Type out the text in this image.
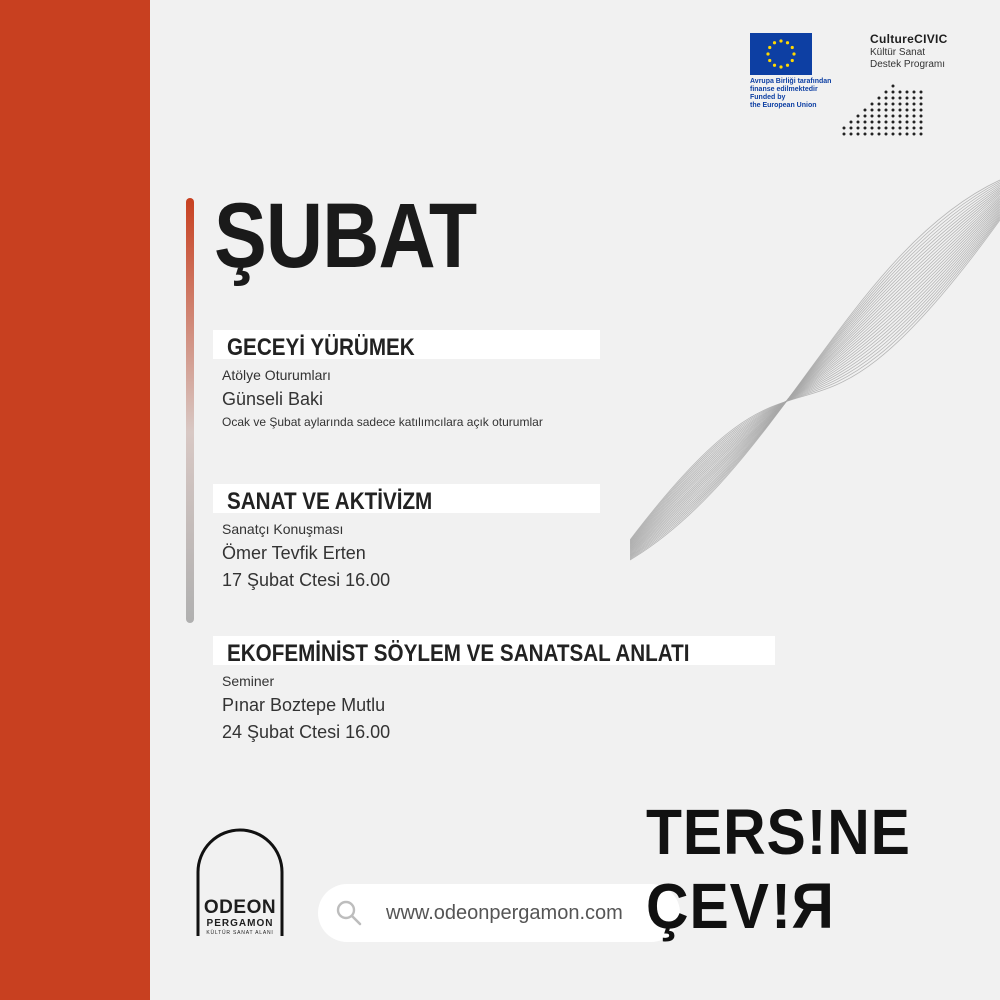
Avrupa Birliği tarafından
finanse edilmektedir
Funded by
the European Union
CultureCIVIC
Kültür Sanat
Destek Programı
ŞUBAT
GECEYİ YÜRÜMEK
Atölye Oturumları
Günseli Baki
Ocak ve Şubat aylarında sadece katılımcılara açık oturumlar
SANAT VE AKTİVİZM
Sanatçı Konuşması
Ömer Tevfik Erten
17 Şubat Ctesi 16.00
EKOFEMİNİST SÖYLEM VE SANATSAL ANLATI
Seminer
Pınar Boztepe Mutlu
24 Şubat Ctesi 16.00
ODEON
PERGAMON
KÜLTÜR SANAT ALANI
www.odeonpergamon.com
TERS!NE
ÇEV!R
